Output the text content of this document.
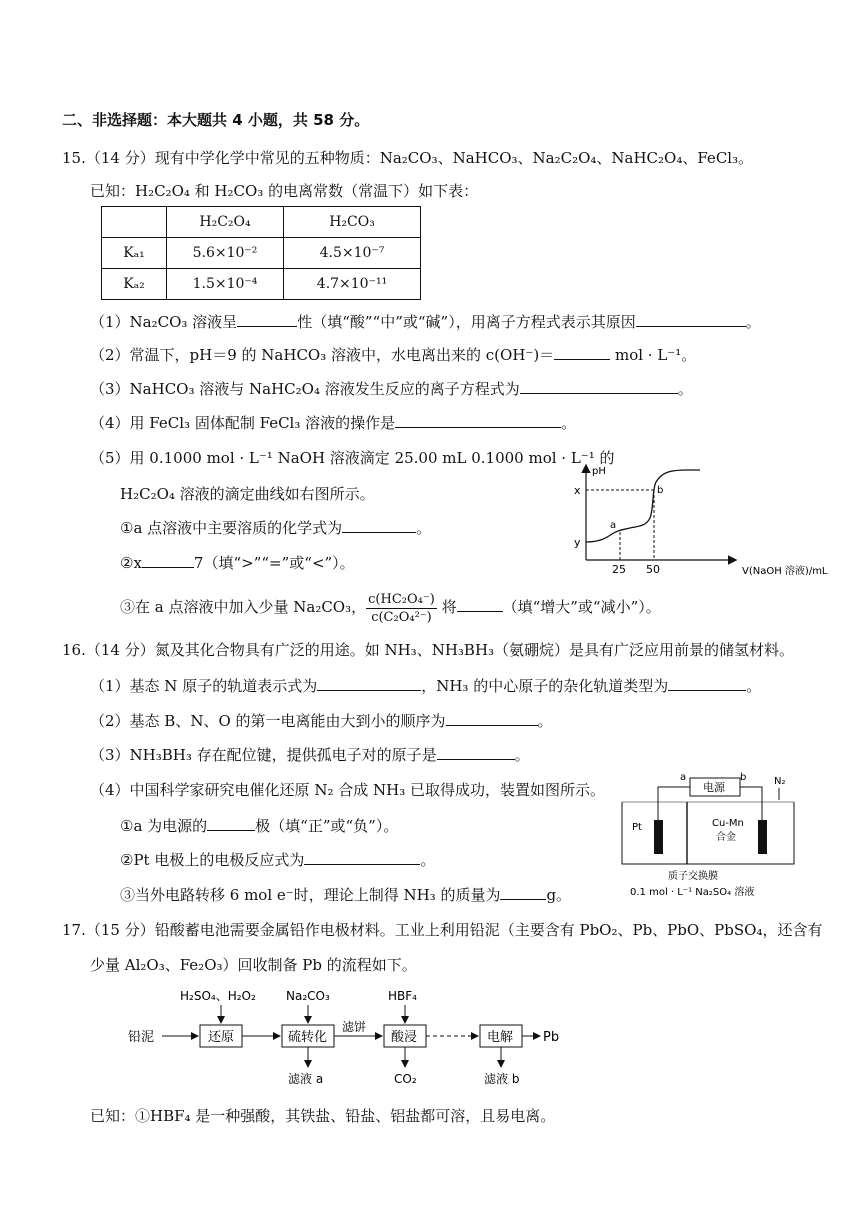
二、非选择题：本大题共 4 小题，共 58 分。
15.（14 分）现有中学化学中常见的五种物质：Na₂CO₃、NaHCO₃、Na₂C₂O₄、NaHC₂O₄、FeCl₃。
已知：H₂C₂O₄ 和 H₂CO₃ 的电离常数（常温下）如下表：
	H₂C₂O₄	H₂CO₃
Kₐ₁	5.6×10⁻²	4.5×10⁻⁷
Kₐ₂	1.5×10⁻⁴	4.7×10⁻¹¹
（1）Na₂CO₃ 溶液呈	性（填“酸”“中”或“碱”），用离子方程式表示其原因	。
（2）常温下，pH＝9 的 NaHCO₃ 溶液中，水电离出来的 c(OH⁻)＝	mol · L⁻¹。
（3）NaHCO₃ 溶液与 NaHC₂O₄ 溶液发生反应的离子方程式为	。
（4）用 FeCl₃ 固体配制 FeCl₃ 溶液的操作是	。
（5）用 0.1000 mol · L⁻¹ NaOH 溶液滴定 25.00 mL 0.1000 mol · L⁻¹ 的
H₂C₂O₄ 溶液的滴定曲线如右图所示。
①a 点溶液中主要溶质的化学式为	。
②x	7（填“>”“=”或“<”）。
③在 a 点溶液中加入少量 Na₂CO₃， $\frac{\text{c(HC₂O₄⁻)}}{\text{c(C₂O₄²⁻)}}$ 将	（填“增大”或“减小”）。
pH
V(NaOH 溶液)/mL
x
y
25 50
a
b
16.（14 分）氮及其化合物具有广泛的用途。如 NH₃、NH₃BH₃（氨硼烷）是具有广泛应用前景的储氢材料。
（1）基态 N 原子的轨道表示式为	，NH₃ 的中心原子的杂化轨道类型为	。
（2）基态 B、N、O 的第一电离能由大到小的顺序为	。
（3）NH₃BH₃ 存在配位键，提供孤电子对的原子是	。
（4）中国科学家研究电催化还原 N₂ 合成 NH₃ 已取得成功，装置如图所示。
①a 为电源的	极（填“正”或“负”）。
②Pt 电极上的电极反应式为	。
③当外电路转移 6 mol e⁻时，理论上制得 NH₃ 的质量为	g。
电源
a	b	N₂
Pt	Cu-Mn
合金
质子交换膜
0.1 mol · L⁻¹ Na₂SO₄ 溶液
17.（15 分）铅酸蓄电池需要金属铅作电极材料。工业上利用铅泥（主要含有 PbO₂、Pb、PbO、PbSO₄，还含有
少量 Al₂O₃、Fe₂O₃）回收制备 Pb 的流程如下。
铅泥	还原	硫转化
滤饼
酸浸	电解 Pb
H₂SO₄、H₂O₂	Na₂CO₃	HBF₄
滤液 a	CO₂	滤液 b
已知：①HBF₄ 是一种强酸，其铁盐、铅盐、铝盐都可溶，且易电离。
